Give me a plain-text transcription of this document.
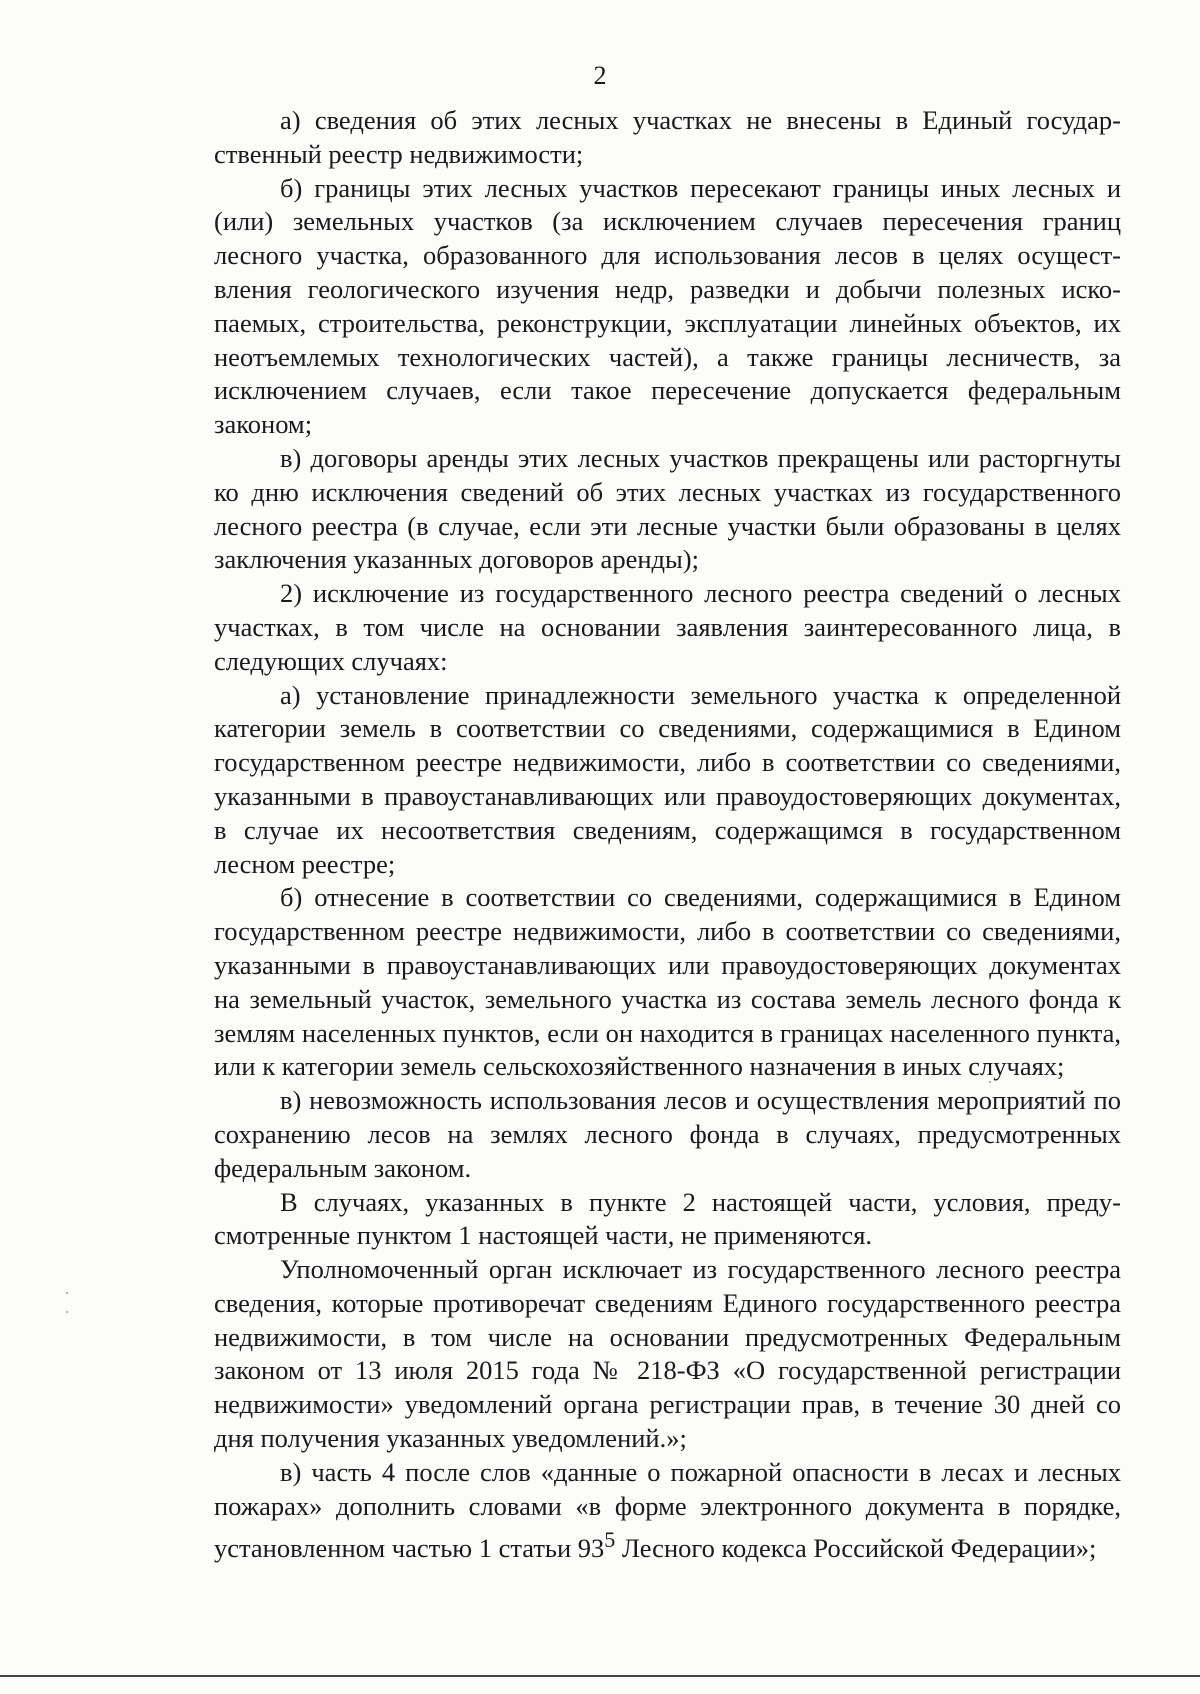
2

а) сведения об этих лесных участках не внесены в Единый государственный реестр недвижимости;

б) границы этих лесных участков пересекают границы иных лесных и (или) земельных участков (за исключением случаев пересечения границ лесного участка, образованного для использования лесов в целях осуществления геологического изучения недр, разведки и добычи полезных ископаемых, строительства, реконструкции, эксплуатации линейных объектов, их неотъемлемых технологических частей), а также границы лесничеств, за исключением случаев, если такое пересечение допускается федеральным законом;

в) договоры аренды этих лесных участков прекращены или расторгнуты ко дню исключения сведений об этих лесных участках из государственного лесного реестра (в случае, если эти лесные участки были образованы в целях заключения указанных договоров аренды);

2) исключение из государственного лесного реестра сведений о лесных участках, в том числе на основании заявления заинтересованного лица, в следующих случаях:

а) установление принадлежности земельного участка к определенной категории земель в соответствии со сведениями, содержащимися в Едином государственном реестре недвижимости, либо в соответствии со сведениями, указанными в правоустанавливающих или правоудостоверяющих документах, в случае их несоответствия сведениям, содержащимся в государственном лесном реестре;

б) отнесение в соответствии со сведениями, содержащимися в Едином государственном реестре недвижимости, либо в соответствии со сведениями, указанными в правоустанавливающих или правоудостоверяющих документах на земельный участок, земельного участка из состава земель лесного фонда к землям населенных пунктов, если он находится в границах населенного пункта, или к категории земель сельскохозяйственного назначения в иных случаях;

в) невозможность использования лесов и осуществления мероприятий по сохранению лесов на землях лесного фонда в случаях, предусмотренных федеральным законом.

В случаях, указанных в пункте 2 настоящей части, условия, предусмотренные пунктом 1 настоящей части, не применяются.

Уполномоченный орган исключает из государственного лесного реестра сведения, которые противоречат сведениям Единого государственного реестра недвижимости, в том числе на основании предусмотренных Федеральным законом от 13 июля 2015 года № 218-ФЗ «О государственной регистрации недвижимости» уведомлений органа регистрации прав, в течение 30 дней со дня получения указанных уведомлений.»;

в) часть 4 после слов «данные о пожарной опасности в лесах и лесных пожарах» дополнить словами «в форме электронного документа в порядке, установленном частью 1 статьи $93^5$ Лесного кодекса Российской Федерации»;
